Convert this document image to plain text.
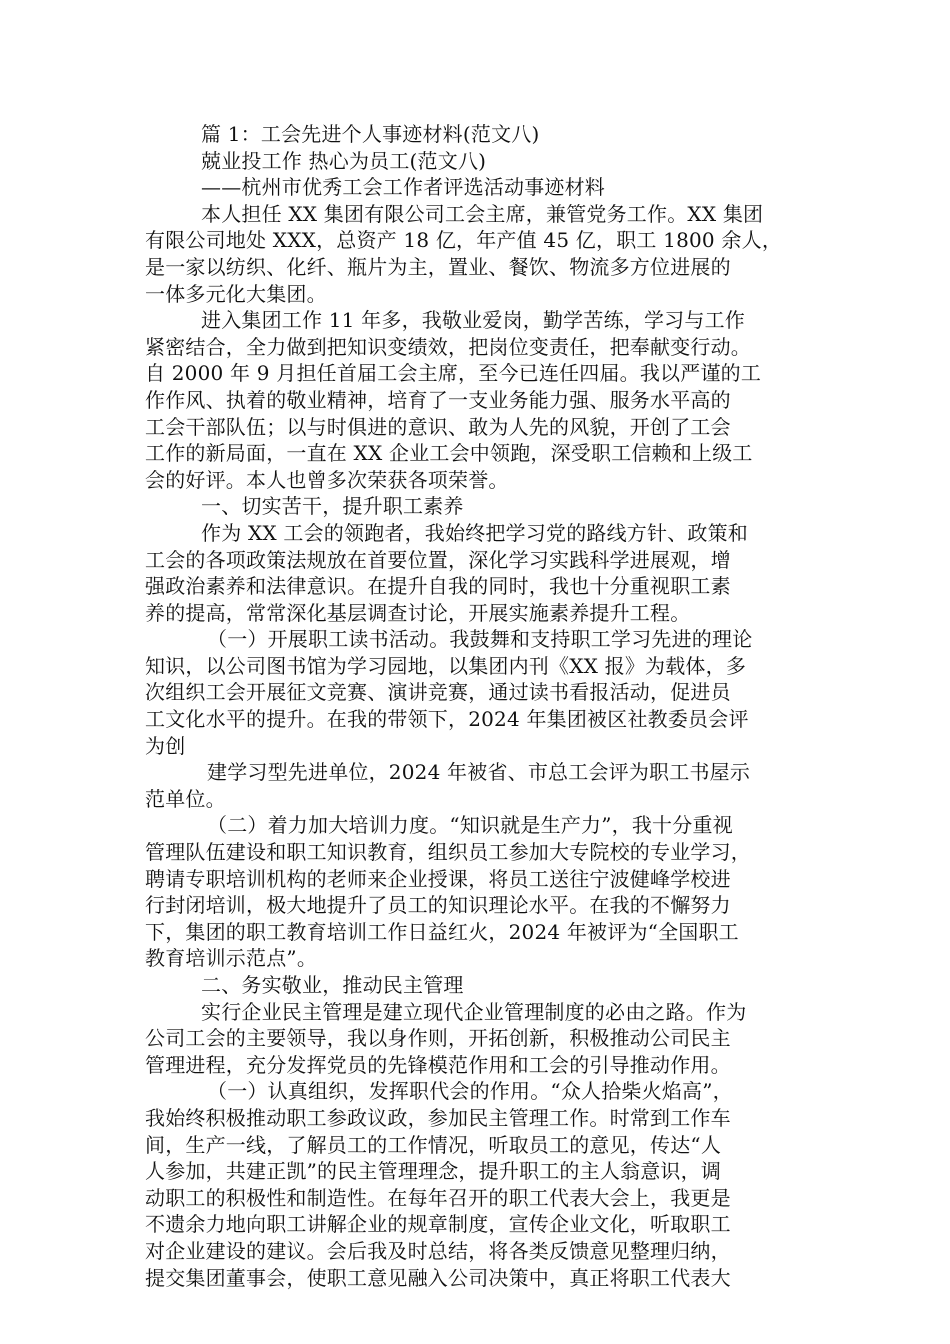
篇 1：工会先进个人事迹材料(范文八)
兢业投工作 热心为员工(范文八)
——杭州市优秀工会工作者评选活动事迹材料
本人担任 XX 集团有限公司工会主席，兼管党务工作。XX 集团
有限公司地处 XXX，总资产 18 亿，年产值 45 亿，职工 1800 余人，
是一家以纺织、化纤、瓶片为主，置业、餐饮、物流多方位进展的
一体多元化大集团。
进入集团工作 11 年多，我敬业爱岗，勤学苦练，学习与工作
紧密结合，全力做到把知识变绩效，把岗位变责任，把奉献变行动。
自 2000 年 9 月担任首届工会主席，至今已连任四届。我以严谨的工
作作风、执着的敬业精神，培育了一支业务能力强、服务水平高的
工会干部队伍；以与时俱进的意识、敢为人先的风貌，开创了工会
工作的新局面，一直在 XX 企业工会中领跑，深受职工信赖和上级工
会的好评。本人也曾多次荣获各项荣誉。
一、切实苦干，提升职工素养
作为 XX 工会的领跑者，我始终把学习党的路线方针、政策和
工会的各项政策法规放在首要位置，深化学习实践科学进展观，增
强政治素养和法律意识。在提升自我的同时，我也十分重视职工素
养的提高，常常深化基层调查讨论，开展实施素养提升工程。
（一）开展职工读书活动。我鼓舞和支持职工学习先进的理论
知识，以公司图书馆为学习园地，以集团内刊《XX 报》为载体，多
次组织工会开展征文竞赛、演讲竞赛，通过读书看报活动，促进员
工文化水平的提升。在我的带领下，2024 年集团被区社教委员会评
为创
建学习型先进单位，2024 年被省、市总工会评为职工书屋示
范单位。
（二）着力加大培训力度。“知识就是生产力”，我十分重视
管理队伍建设和职工知识教育，组织员工参加大专院校的专业学习，
聘请专职培训机构的老师来企业授课，将员工送往宁波健峰学校进
行封闭培训，极大地提升了员工的知识理论水平。在我的不懈努力
下，集团的职工教育培训工作日益红火，2024 年被评为“全国职工
教育培训示范点”。
二、务实敬业，推动民主管理
实行企业民主管理是建立现代企业管理制度的必由之路。作为
公司工会的主要领导，我以身作则，开拓创新，积极推动公司民主
管理进程，充分发挥党员的先锋模范作用和工会的引导推动作用。
（一）认真组织，发挥职代会的作用。“众人拾柴火焰高”，
我始终积极推动职工参政议政，参加民主管理工作。时常到工作车
间，生产一线，了解员工的工作情况，听取员工的意见，传达“人
人参加，共建正凯”的民主管理理念，提升职工的主人翁意识，调
动职工的积极性和制造性。在每年召开的职工代表大会上，我更是
不遗余力地向职工讲解企业的规章制度，宣传企业文化，听取职工
对企业建设的建议。会后我及时总结，将各类反馈意见整理归纳，
提交集团董事会，使职工意见融入公司决策中，真正将职工代表大
